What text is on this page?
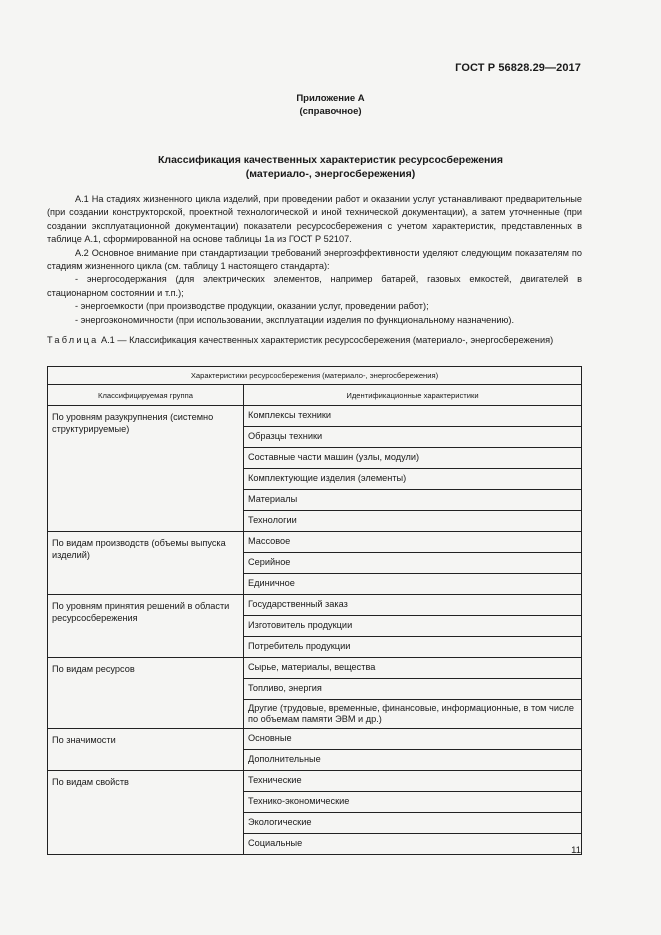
ГОСТ Р 56828.29—2017
Приложение А
(справочное)
Классификация качественных характеристик ресурсосбережения
(материало-, энергосбережения)

А.1 На стадиях жизненного цикла изделий, при проведении работ и оказании услуг устанавливают предварительные (при создании конструкторской, проектной технологической и иной технической документации), а затем уточненные (при создании эксплуатационной документации) показатели ресурсосбережения с учетом характеристик, представленных в таблице А.1, сформированной на основе таблицы 1а из ГОСТ Р 52107.

А.2 Основное внимание при стандартизации требований энергоэффективности уделяют следующим показателям по стадиям жизненного цикла (см. таблицу 1 настоящего стандарта):

- энергосодержания (для электрических элементов, например батарей, газовых емкостей, двигателей в стационарном состоянии и т.п.);

- энергоемкости (при производстве продукции, оказании услуг, проведении работ);

- энергоэкономичности (при использовании, эксплуатации изделия по функциональному назначению).

Таблица А.1 — Классификация качественных характеристик ресурсосбережения (материало-, энергосбережения)
Характеристики ресурсосбережения (материало-, энергосбережения)	
Классифицируемая группа	Идентификационные характеристики
По уровням разукрупнения (системно структурируемые)	Комплексы техники
	Образцы техники
	Составные части машин (узлы, модули)
	Комплектующие изделия (элементы)
	Материалы
	Технологии
По видам производств (объемы выпуска изделий)	Массовое
	Серийное
	Единичное
По уровням принятия решений в области ресурсосбережения	Государственный заказ
	Изготовитель продукции
	Потребитель продукции
По видам ресурсов	Сырье, материалы, вещества
	Топливо, энергия
	Другие (трудовые, временные, финансовые, информационные, в том числе по объемам памяти ЭВМ и др.)
По значимости	Основные
	Дополнительные
По видам свойств	Технические
	Технико-экономические
	Экологические
	Социальные
11
